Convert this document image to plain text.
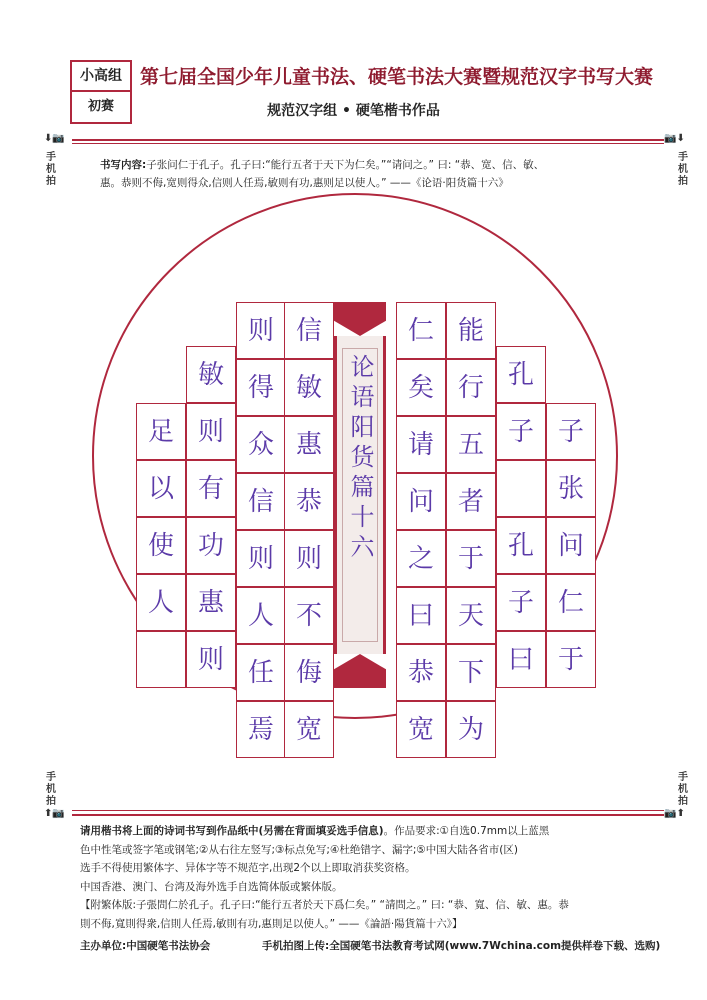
小高组
初赛
第七届全国少年儿童书法、硬笔书法大赛暨规范汉字书写大赛
规范汉字组 • 硬笔楷书作品
⬇📷	📷⬇
手机拍
手机拍
书写内容:子张问仁于孔子。孔子曰:“能行五者于天下为仁矣。”“请问之。” 曰: “恭、宽、信、敏、
惠。恭则不侮,宽则得众,信则人任焉,敏则有功,惠则足以使人。” ——《论语·阳货篇十六》
足
以
使
人
敏
则
有
功
惠
则
则
得
众
信
则
人
任
焉
信
敏
惠
恭
则
不
侮
宽
仁
矣
请
问
之
曰
恭
宽
能
行
五
者
于
天
下
为
孔
子
孔
子
曰
子
张
问
仁
于
论语阳货篇十六
手机拍
手机拍
⬆📷	📷⬆
请用楷书将上面的诗词书写到作品纸中(另需在背面填妥选手信息)。作品要求:①自选0.7mm以上蓝黑
色中性笔或签字笔或钢笔;②从右往左竖写;③标点免写;④杜绝错字、漏字;⑤中国大陆各省市(区)
选手不得使用繁体字、异体字等不规范字,出现2个以上即取消获奖资格。
中国香港、澳门、台湾及海外选手自选简体版或繁体版。
【附繁体版:子張問仁於孔子。孔子曰:“能行五者於天下爲仁矣。” “請問之。” 曰: “恭、寬、信、敏、惠。恭
則不侮,寬則得衆,信則人任焉,敏則有功,惠則足以使人。” ——《論語·陽貨篇十六》】
主办单位:中国硬笔书法协会	手机拍图上传:全国硬笔书法教育考试网(www.7Wchina.com提供样卷下载、选购)
